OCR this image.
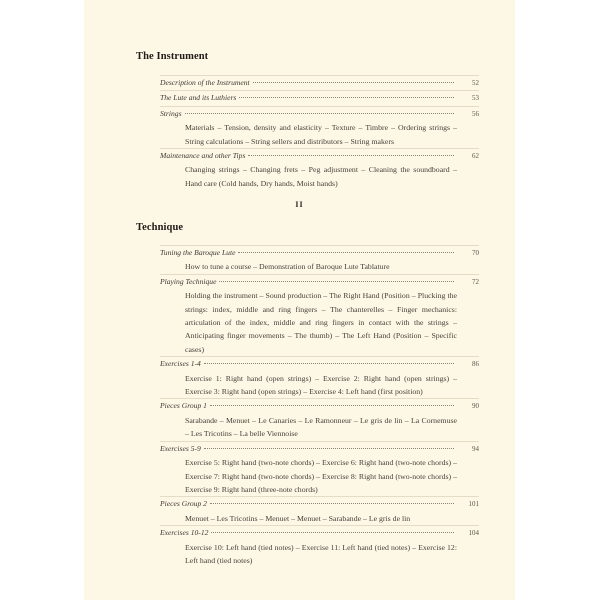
The Instrument
Description of the Instrument	52
The Lute and its Luthiers	53
Strings	56
Materials – Tension, density and elasticity – Texture – Timbre – Ordering strings – String calculations – String sellers and distributors – String makers
Maintenance and other Tips	62
Changing strings – Changing frets – Peg adjustment – Cleaning the soundboard – Hand care (Cold hands, Dry hands, Moist hands)
II
Technique
Tuning the Baroque Lute	70
How to tune a course – Demonstration of Baroque Lute Tablature
Playing Technique	72
Holding the instrument – Sound production – The Right Hand (Position – Plucking the strings: index, middle and ring fingers – The chanterelles – Finger mechanics: articulation of the index, middle and ring fingers in contact with the strings – Anticipating finger movements – The thumb) – The Left Hand (Position – Specific cases)
Exercises 1-4	86
Exercise 1: Right hand (open strings) – Exercise 2: Right hand (open strings) – Exercise 3: Right hand (open strings) – Exercise 4: Left hand (first position)
Pieces Group 1	90
Sarabande – Menuet – Le Canaries – Le Ramonneur – Le gris de lin – La Cornemuse – Les Tricotins – La belle Viennoise
Exercises 5-9	94
Exercise 5: Right hand (two-note chords) – Exercise 6: Right hand (two-note chords) – Exercise 7: Right hand (two-note chords) – Exercise 8: Right hand (two-note chords) – Exercise 9: Right hand (three-note chords)
Pieces Group 2	101
Menuet – Les Tricotins – Menuet – Menuet – Sarabande – Le gris de lin
Exercises 10-12	104
Exercise 10: Left hand (tied notes) – Exercise 11: Left hand (tied notes) – Exercise 12: Left hand (tied notes)
